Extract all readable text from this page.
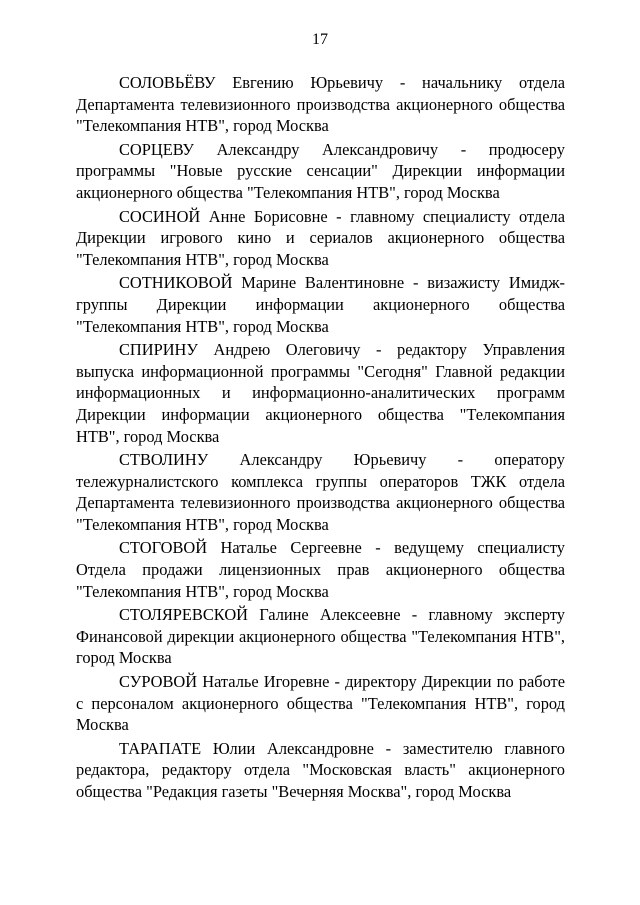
17

СОЛОВЬЁВУ Евгению Юрьевичу - начальнику отдела Департамента телевизионного производства акционерного общества "Телекомпания НТВ", город Москва

СОРЦЕВУ Александру Александровичу - продюсеру программы "Новые русские сенсации" Дирекции информации акционерного общества "Телекомпания НТВ", город Москва

СОСИНОЙ Анне Борисовне - главному специалисту отдела Дирекции игрового кино и сериалов акционерного общества "Телекомпания НТВ", город Москва

СОТНИКОВОЙ Марине Валентиновне - визажисту Имидж-группы Дирекции информации акционерного общества "Телекомпания НТВ", город Москва

СПИРИНУ Андрею Олеговичу - редактору Управления выпуска информационной программы "Сегодня" Главной редакции информационных и информационно-аналитических программ Дирекции информации акционерного общества "Телекомпания НТВ", город Москва

СТВОЛИНУ Александру Юрьевичу - оператору тележурналистского комплекса группы операторов ТЖК отдела Департамента телевизионного производства акционерного общества "Телекомпания НТВ", город Москва

СТОГОВОЙ Наталье Сергеевне - ведущему специалисту Отдела продажи лицензионных прав акционерного общества "Телекомпания НТВ", город Москва

СТОЛЯРЕВСКОЙ Галине Алексеевне - главному эксперту Финансовой дирекции акционерного общества "Телекомпания НТВ", город Москва

СУРОВОЙ Наталье Игоревне - директору Дирекции по работе с персоналом акционерного общества "Телекомпания НТВ", город Москва

ТАРАПАТЕ Юлии Александровне - заместителю главного редактора, редактору отдела "Московская власть" акционерного общества "Редакция газеты "Вечерняя Москва", город Москва
